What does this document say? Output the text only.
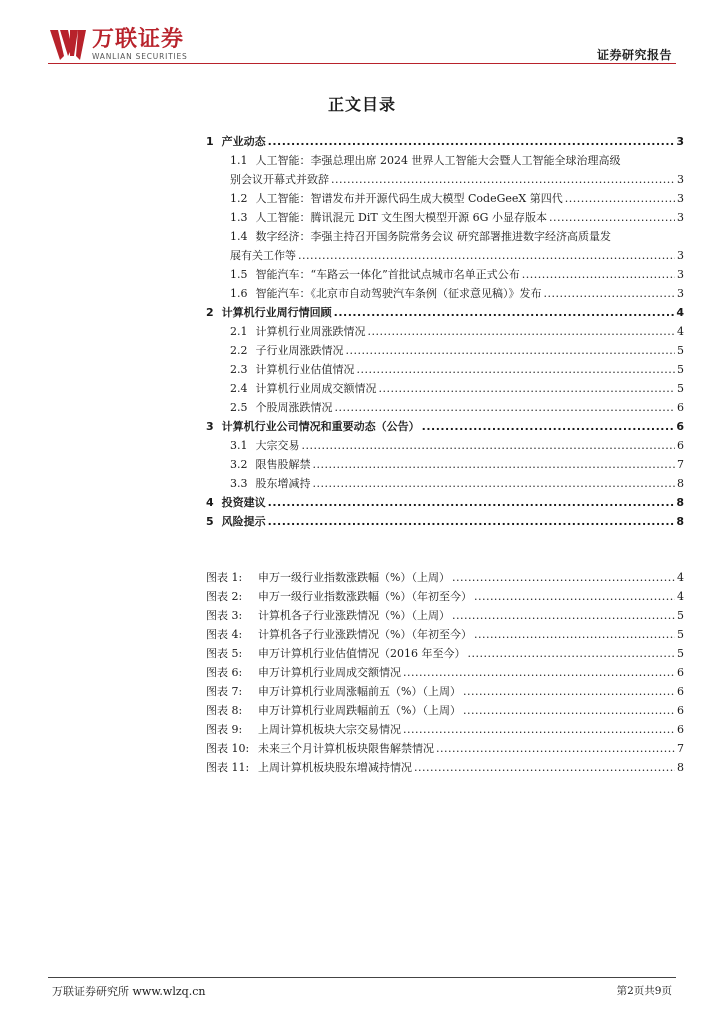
万联证券
WANLIAN SECURITIES	证券研究报告
正文目录
1 产业动态 .....	3
1.1 人工智能：李强总理出席 2024 世界人工智能大会暨人工智能全球治理高级
别会议开幕式并致辞 .....	3
1.2 人工智能：智谱发布并开源代码生成大模型 CodeGeeX 第四代 .....	3
1.3 人工智能：腾讯混元 DiT 文生图大模型开源 6G 小显存版本 .....	3
1.4 数字经济：李强主持召开国务院常务会议 研究部署推进数字经济高质量发
展有关工作等 .....	3
1.5 智能汽车：“车路云一体化”首批试点城市名单正式公布 .....	3
1.6 智能汽车：《北京市自动驾驶汽车条例（征求意见稿）》发布 .....	3
2 计算机行业周行情回顾 .....	4
2.1 计算机行业周涨跌情况 .....	4
2.2 子行业周涨跌情况 .....	5
2.3 计算机行业估值情况 .....	5
2.4 计算机行业周成交额情况 .....	5
2.5 个股周涨跌情况 .....	6
3 计算机行业公司情况和重要动态（公告） .....	6
3.1 大宗交易 .....	6
3.2 限售股解禁 .....	7
3.3 股东增减持 .....	8
4 投资建议 .....	8
5 风险提示 .....	8
图表 1:	申万一级行业指数涨跌幅（%）（上周） .....	4
图表 2:	申万一级行业指数涨跌幅（%）（年初至今） .....	4
图表 3:	计算机各子行业涨跌情况（%）（上周） .....	5
图表 4:	计算机各子行业涨跌情况（%）（年初至今） .....	5
图表 5:	申万计算机行业估值情况（2016 年至今） .....	5
图表 6:	申万计算机行业周成交额情况 .....	6
图表 7:	申万计算机行业周涨幅前五（%）（上周） .....	6
图表 8:	申万计算机行业周跌幅前五（%）（上周） .....	6
图表 9:	上周计算机板块大宗交易情况 .....	6
图表 10: 未来三个月计算机板块限售解禁情况 .....	7
图表 11: 上周计算机板块股东增减持情况 .....	8
万联证券研究所 www.wlzq.cn	第2页共9页
